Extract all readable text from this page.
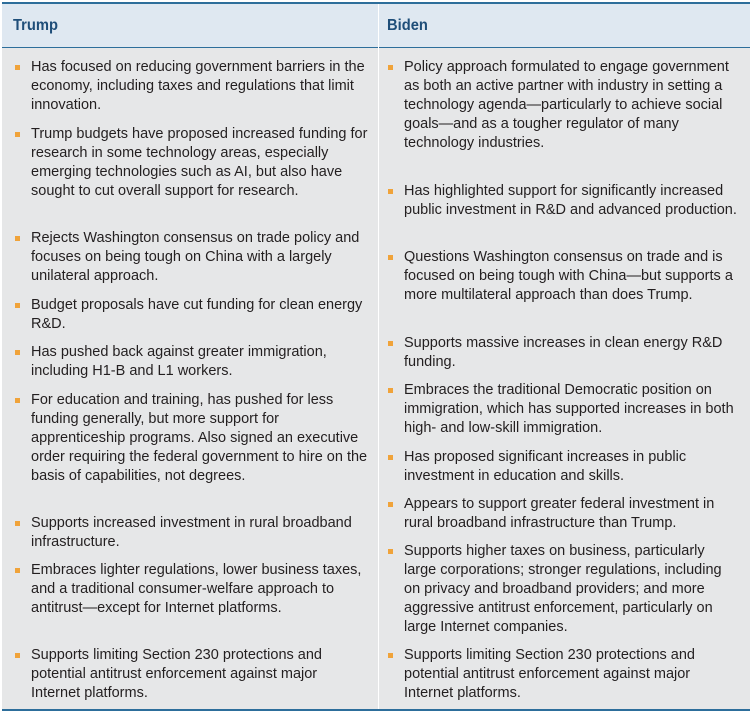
Trump	Biden
Has focused on reducing government barriers in the economy, including taxes and regulations that limit innovation.
Trump budgets have proposed increased funding for research in some technology areas, especially emerging technologies such as AI, but also have sought to cut overall support for research.
Rejects Washington consensus on trade policy and focuses on being tough on China with a largely unilateral approach.
Budget proposals have cut funding for clean energy R&D.
Has pushed back against greater immigration, including H1-B and L1 workers.
For education and training, has pushed for less funding generally, but more support for apprenticeship programs. Also signed an executive order requiring the federal government to hire on the basis of capabilities, not degrees.
Supports increased investment in rural broadband infrastructure.
Embraces lighter regulations, lower business taxes, and a traditional consumer-welfare approach to antitrust—except for Internet platforms.
Supports limiting Section 230 protections and potential antitrust enforcement against major Internet platforms.
Policy approach formulated to engage government as both an active partner with industry in setting a technology agenda—particularly to achieve social goals—and as a tougher regulator of many technology industries.
Has highlighted support for significantly increased public investment in R&D and advanced production.
Questions Washington consensus on trade and is focused on being tough with China—but supports a more multilateral approach than does Trump.
Supports massive increases in clean energy R&D funding.
Embraces the traditional Democratic position on immigration, which has supported increases in both high- and low-skill immigration.
Has proposed significant increases in public investment in education and skills.
Appears to support greater federal investment in rural broadband infrastructure than Trump.
Supports higher taxes on business, particularly large corporations; stronger regulations, including on privacy and broadband providers; and more aggressive antitrust enforcement, particularly on large Internet companies.
Supports limiting Section 230 protections and potential antitrust enforcement against major Internet platforms.
